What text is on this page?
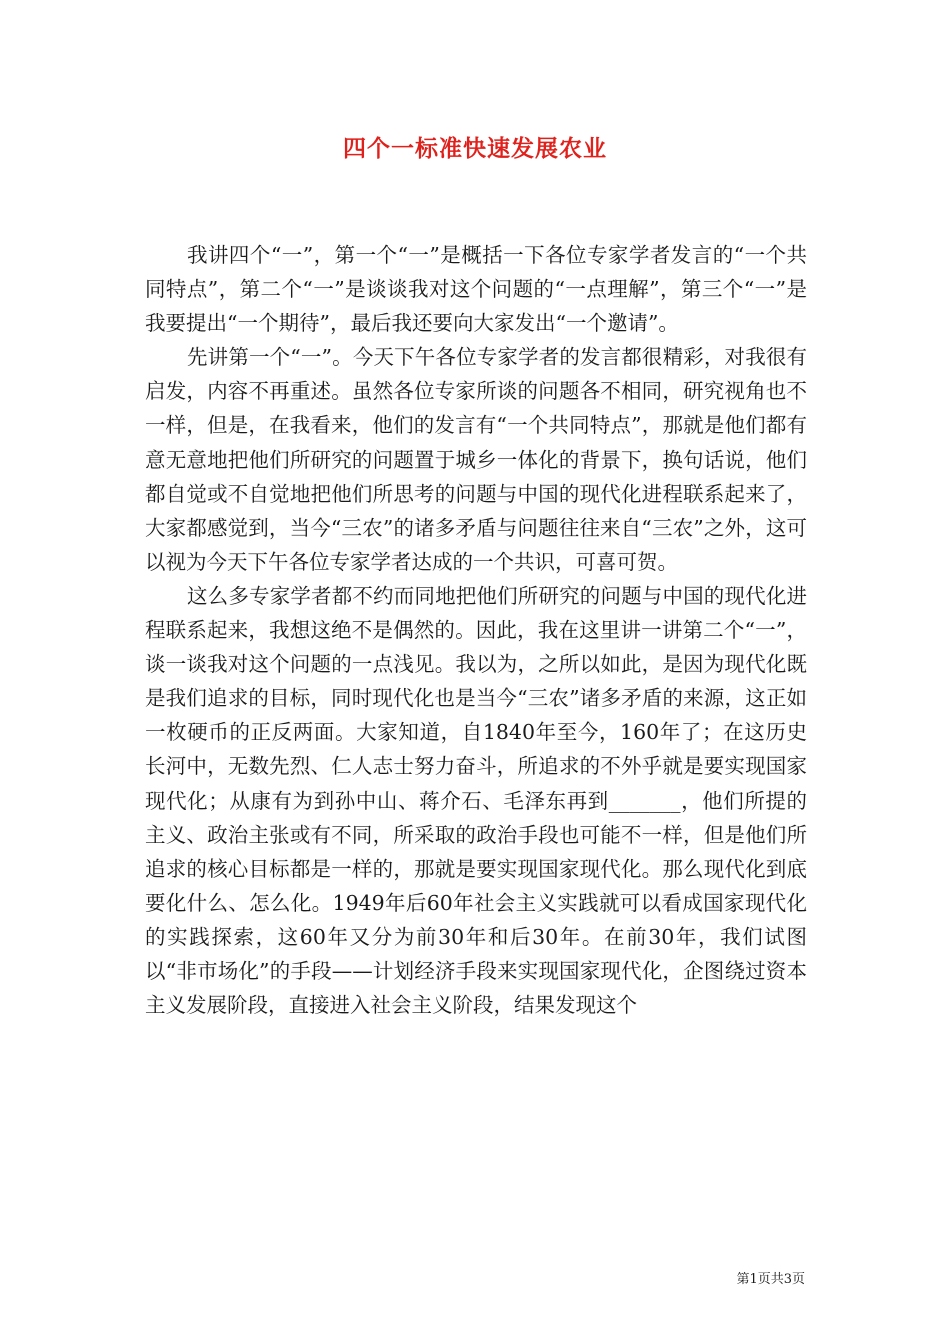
四个一标准快速发展农业

我讲四个“一”，第一个“一”是概括一下各位专家学者发言的“一个共同特点”，第二个“一”是谈谈我对这个问题的“一点理解”，第三个“一”是我要提出“一个期待”，最后我还要向大家发出“一个邀请”。

先讲第一个“一”。今天下午各位专家学者的发言都很精彩，对我很有启发，内容不再重述。虽然各位专家所谈的问题各不相同，研究视角也不一样，但是，在我看来，他们的发言有“一个共同特点”，那就是他们都有意无意地把他们所研究的问题置于城乡一体化的背景下，换句话说，他们都自觉或不自觉地把他们所思考的问题与中国的现代化进程联系起来了，大家都感觉到，当今“三农”的诸多矛盾与问题往往来自“三农”之外，这可以视为今天下午各位专家学者达成的一个共识，可喜可贺。

这么多专家学者都不约而同地把他们所研究的问题与中国的现代化进程联系起来，我想这绝不是偶然的。因此，我在这里讲一讲第二个“一”，谈一谈我对这个问题的一点浅见。我以为，之所以如此，是因为现代化既是我们追求的目标，同时现代化也是当今“三农”诸多矛盾的来源，这正如一枚硬币的正反两面。大家知道，自1840年至今，160年了；在这历史长河中，无数先烈、仁人志士努力奋斗，所追求的不外乎就是要实现国家现代化；从康有为到孙中山、蒋介石、毛泽东再到_______，他们所提的主义、政治主张或有不同，所采取的政治手段也可能不一样，但是他们所追求的核心目标都是一样的，那就是要实现国家现代化。那么现代化到底要化什么、怎么化。1949年后60年社会主义实践就可以看成国家现代化的实践探索，这60年又分为前30年和后30年。在前30年，我们试图以“非市场化”的手段——计划经济手段来实现国家现代化，企图绕过资本主义发展阶段，直接进入社会主义阶段，结果发现这个

第1页共3页
